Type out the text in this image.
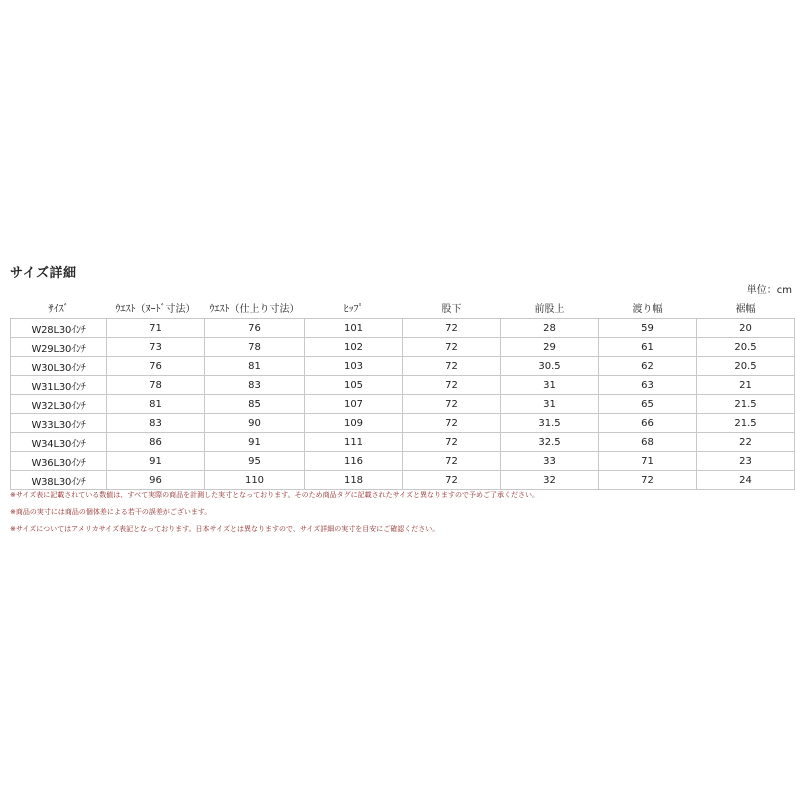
サイズ詳細
単位：cm
ｻｲｽﾞ	ｳｴｽﾄ（ﾇｰﾄﾞ寸法）	ｳｴｽﾄ（仕上り寸法）	ﾋｯﾌﾟ	股下	前股上	渡り幅	裾幅
W28L30ｲﾝﾁ	71	76	101	72	28	59	20
W29L30ｲﾝﾁ	73	78	102	72	29	61	20.5
W30L30ｲﾝﾁ	76	81	103	72	30.5	62	20.5
W31L30ｲﾝﾁ	78	83	105	72	31	63	21
W32L30ｲﾝﾁ	81	85	107	72	31	65	21.5
W33L30ｲﾝﾁ	83	90	109	72	31.5	66	21.5
W34L30ｲﾝﾁ	86	91	111	72	32.5	68	22
W36L30ｲﾝﾁ	91	95	116	72	33	71	23
W38L30ｲﾝﾁ	96	110	118	72	32	72	24
※サイズ表に記載されている数値は、すべて実際の商品を計測した実寸となっております。そのため商品タグに記載されたサイズと異なりますので予めご了承ください。
※商品の実寸には商品の個体差による若干の誤差がございます。
※サイズについてはアメリカサイズ表記となっております。日本サイズとは異なりますので、サイズ詳細の実寸を目安にご確認ください。
